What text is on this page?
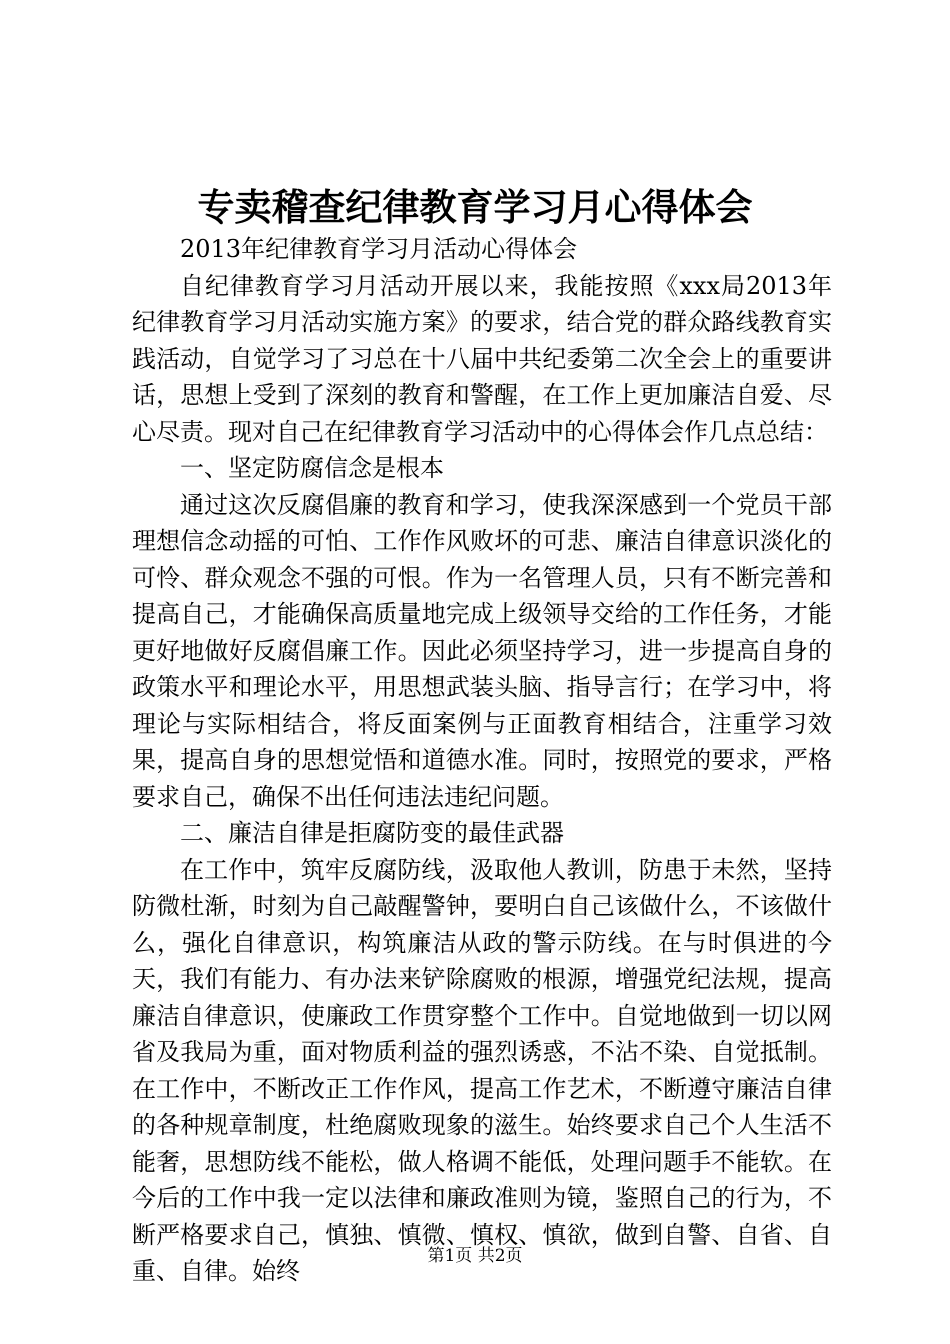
专卖稽查纪律教育学习月心得体会

2013年纪律教育学习月活动心得体会

自纪律教育学习月活动开展以来，我能按照《xxx局2013年纪律教育学习月活动实施方案》的要求，结合党的群众路线教育实践活动，自觉学习了习总在十八届中共纪委第二次全会上的重要讲话，思想上受到了深刻的教育和警醒，在工作上更加廉洁自爱、尽心尽责。现对自己在纪律教育学习活动中的心得体会作几点总结：

一、坚定防腐信念是根本

通过这次反腐倡廉的教育和学习，使我深深感到一个党员干部理想信念动摇的可怕、工作作风败坏的可悲、廉洁自律意识淡化的可怜、群众观念不强的可恨。作为一名管理人员，只有不断完善和提高自己，才能确保高质量地完成上级领导交给的工作任务，才能更好地做好反腐倡廉工作。因此必须坚持学习，进一步提高自身的政策水平和理论水平，用思想武装头脑、指导言行；在学习中，将理论与实际相结合，将反面案例与正面教育相结合，注重学习效果，提高自身的思想觉悟和道德水准。同时，按照党的要求，严格要求自己，确保不出任何违法违纪问题。

二、廉洁自律是拒腐防变的最佳武器

在工作中，筑牢反腐防线，汲取他人教训，防患于未然，坚持防微杜渐，时刻为自己敲醒警钟，要明白自己该做什么，不该做什么，强化自律意识，构筑廉洁从政的警示防线。在与时俱进的今天，我们有能力、有办法来铲除腐败的根源，增强党纪法规，提高廉洁自律意识，使廉政工作贯穿整个工作中。自觉地做到一切以网省及我局为重，面对物质利益的强烈诱惑，不沾不染、自觉抵制。在工作中，不断改正工作作风，提高工作艺术，不断遵守廉洁自律的各种规章制度，杜绝腐败现象的滋生。始终要求自己个人生活不能奢，思想防线不能松，做人格调不能低，处理问题手不能软。在今后的工作中我一定以法律和廉政准则为镜，鉴照自己的行为，不断严格要求自己，慎独、慎微、慎权、慎欲，做到自警、自省、自重、自律。始终

第1页 共2页
